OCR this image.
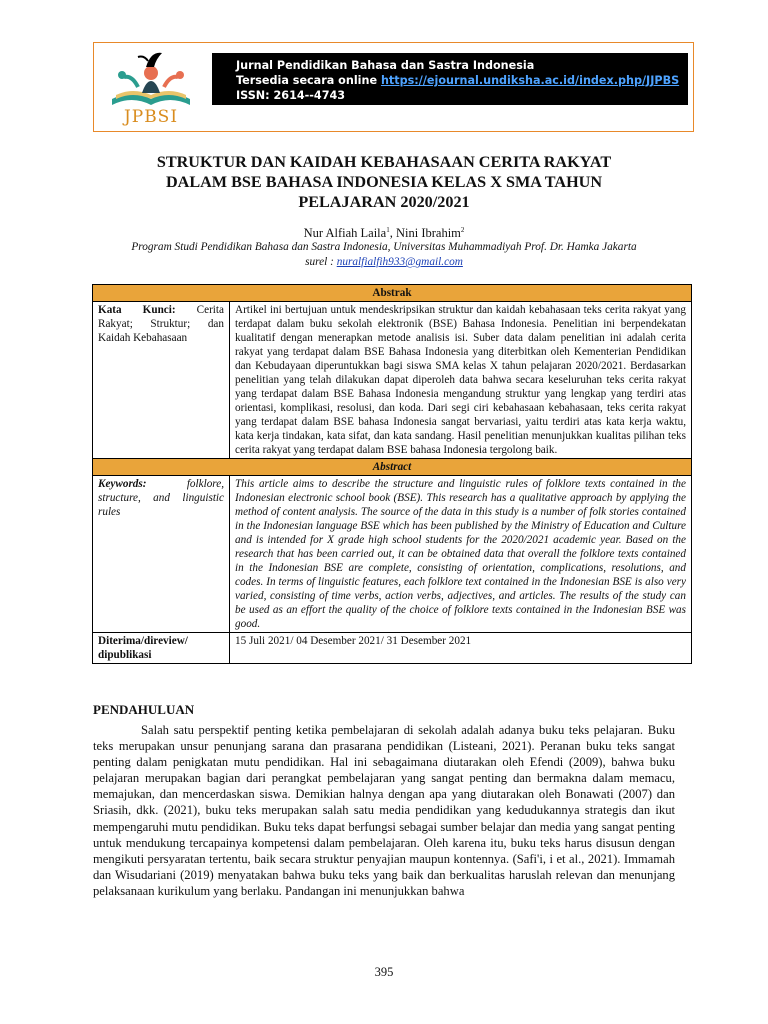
JPBSI
Jurnal Pendidikan Bahasa dan Sastra Indonesia
Tersedia secara online https://ejournal.undiksha.ac.id/index.php/JJPBS
ISSN: 2614--4743
STRUKTUR DAN KAIDAH KEBAHASAAN CERITA RAKYAT
DALAM BSE BAHASA INDONESIA KELAS X SMA TAHUN
PELAJARAN 2020/2021
Nur Alfiah Laila$^1$, Nini Ibrahim$^2$
Program Studi Pendidikan Bahasa dan Sastra Indonesia, Universitas Muhammadiyah Prof. Dr. Hamka Jakarta
surel : nuralfialfih933@gmail.com
Abstrak	
Kata Kunci: Cerita Rakyat; Struktur; dan Kaidah Kebahasaan	Artikel ini bertujuan untuk mendeskripsikan struktur dan kaidah kebahasaan teks cerita rakyat yang terdapat dalam buku sekolah elektronik (BSE) Bahasa Indonesia. Penelitian ini berpendekatan kualitatif dengan menerapkan metode analisis isi. Suber data dalam penelitian ini adalah cerita rakyat yang terdapat dalam BSE Bahasa Indonesia yang diterbitkan oleh Kementerian Pendidikan dan Kebudayaan diperuntukkan bagi siswa SMA kelas X tahun pelajaran 2020/2021. Berdasarkan penelitian yang telah dilakukan dapat diperoleh data bahwa secara keseluruhan teks cerita rakyat yang terdapat dalam BSE Bahasa Indonesia mengandung struktur yang lengkap yang terdiri atas orientasi, komplikasi, resolusi, dan koda. Dari segi ciri kebahasaan kebahasaan, teks cerita rakyat yang terdapat dalam BSE bahasa Indonesia sangat bervariasi, yaitu terdiri atas kata kerja waktu, kata kerja tindakan, kata sifat, dan kata sandang. Hasil penelitian menunjukkan kualitas pilihan teks cerita rakyat yang terdapat dalam BSE bahasa Indonesia tergolong baik.
Abstract	
Keywords: folklore, structure, and linguistic rules	This article aims to describe the structure and linguistic rules of folklore texts contained in the Indonesian electronic school book (BSE). This research has a qualitative approach by applying the method of content analysis. The source of the data in this study is a number of folk stories contained in the Indonesian language BSE which has been published by the Ministry of Education and Culture and is intended for X grade high school students for the 2020/2021 academic year. Based on the research that has been carried out, it can be obtained data that overall the folklore texts contained in the Indonesian BSE are complete, consisting of orientation, complications, resolutions, and codes. In terms of linguistic features, each folklore text contained in the Indonesian BSE is also very varied, consisting of time verbs, action verbs, adjectives, and articles. The results of the study can be used as an effort the quality of the choice of folklore texts contained in the Indonesian BSE was good.
Diterima/direview/ dipublikasi	15 Juli 2021/ 04 Desember 2021/ 31 Desember 2021
PENDAHULUAN
Salah satu perspektif penting ketika pembelajaran di sekolah adalah adanya buku teks pelajaran. Buku teks merupakan unsur penunjang sarana dan prasarana pendidikan (Listeani, 2021). Peranan buku teks sangat penting dalam penigkatan mutu pendidikan. Hal ini sebagaimana diutarakan oleh Efendi (2009), bahwa buku pelajaran merupakan bagian dari perangkat pembelajaran yang sangat penting dan bermakna dalam memacu, memajukan, dan mencerdaskan siswa. Demikian halnya dengan apa yang diutarakan oleh Bonawati (2007) dan Sriasih, dkk. (2021), buku teks merupakan salah satu media pendidikan yang kedudukannya strategis dan ikut mempengaruhi mutu pendidikan. Buku teks dapat berfungsi sebagai sumber belajar dan media yang sangat penting untuk mendukung tercapainya kompetensi dalam pembelajaran. Oleh karena itu, buku teks harus disusun dengan mengikuti persyaratan tertentu, baik secara struktur penyajian maupun kontennya. (Safi'i, i et al., 2021). Immamah dan Wisudariani (2019) menyatakan bahwa buku teks yang baik dan berkualitas haruslah relevan dan menunjang pelaksanaan kurikulum yang berlaku. Pandangan ini menunjukkan bahwa
395
